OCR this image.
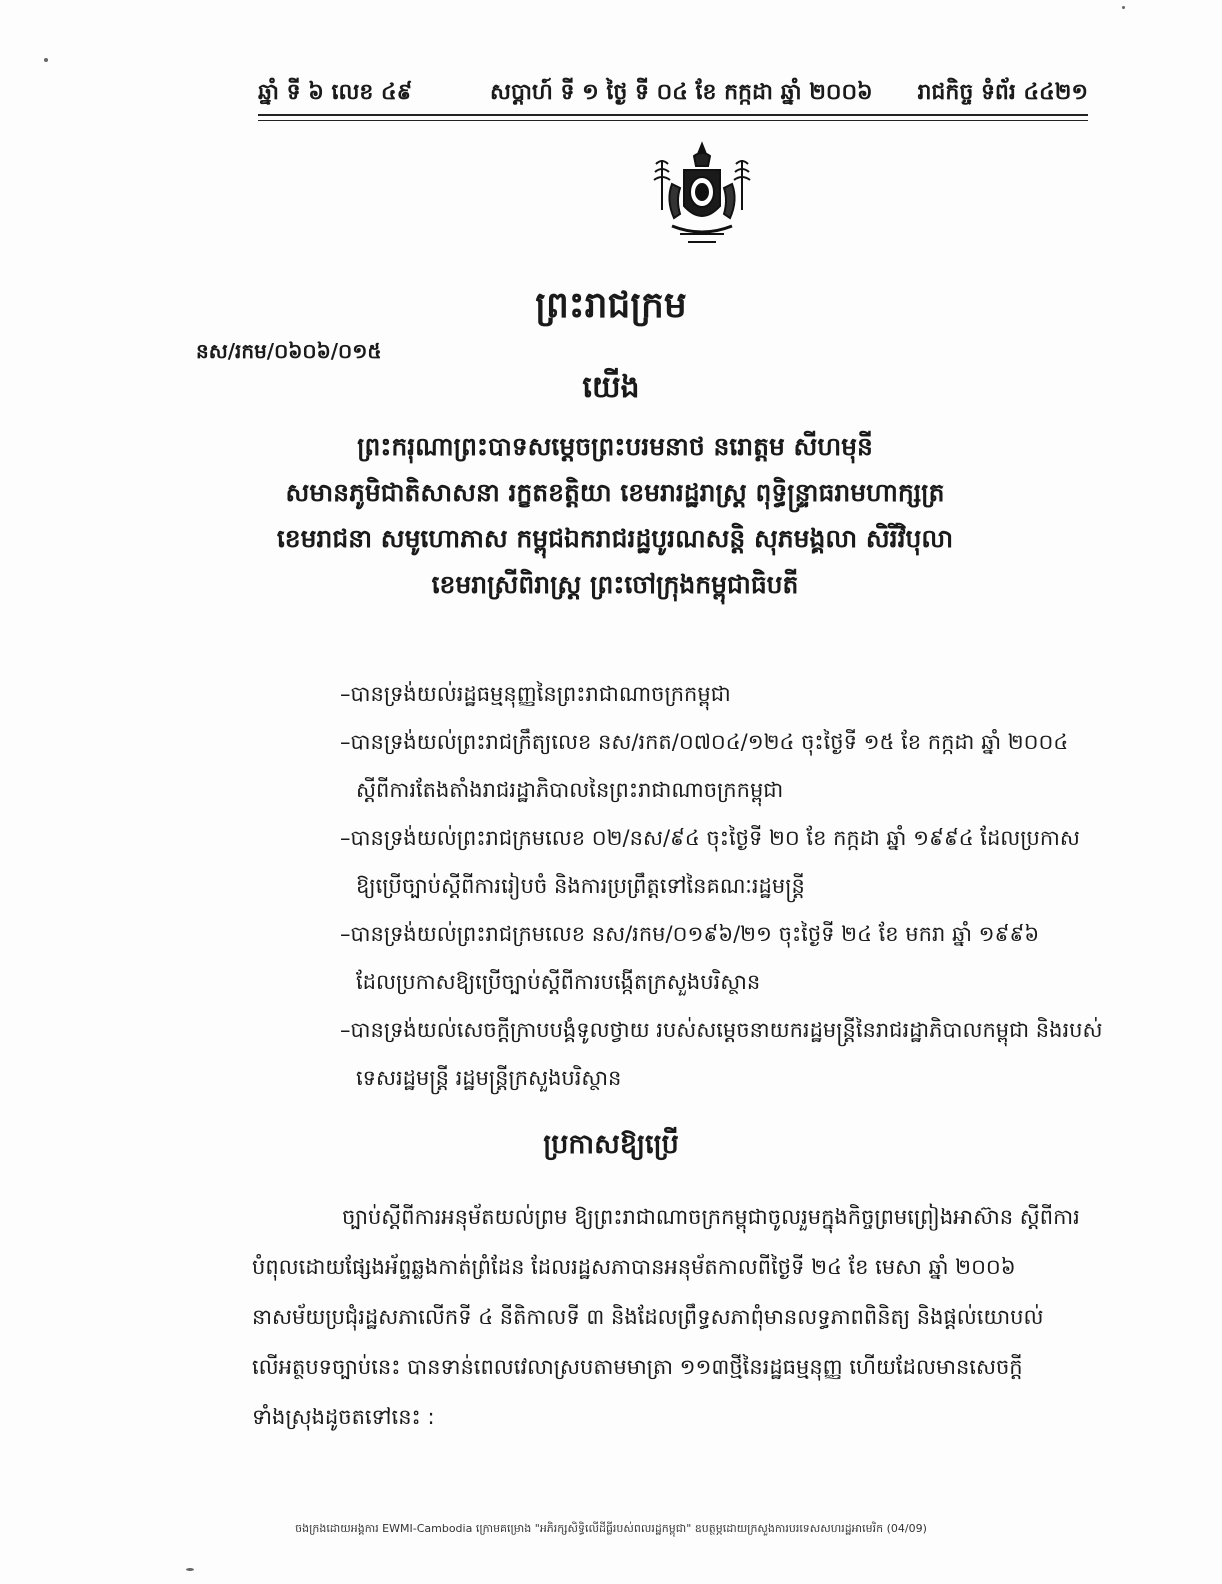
ឆ្នាំ ទី ៦ លេខ ៤៩	សប្តាហ៍ ទី ១ ថ្ងៃ ទី ០៤ ខែ កក្កដា ឆ្នាំ ២០០៦ រាជកិច្ច ទំព័រ ៤៤២១
ព្រះរាជក្រម
នស/រកម/០៦០៦/០១៥
យើង
ព្រះករុណាព្រះបាទសម្តេចព្រះបរមនាថ នរោត្តម សីហមុនី
សមានភូមិជាតិសាសនា រក្ខតខត្តិយា ខេមរារដ្ឋរាស្ត្រ ពុទ្ធិន្ទ្រាធរាមហាក្សត្រ
ខេមរាជនា សមូហោភាស កម្ពុជឯករាជរដ្ឋបូរណសន្តិ សុភមង្គលា សិរីវិបុលា
ខេមរាស្រីពិរាស្ត្រ ព្រះចៅក្រុងកម្ពុជាធិបតី
–បានទ្រង់យល់រដ្ឋធម្មនុញ្ញនៃព្រះរាជាណាចក្រកម្ពុជា
–បានទ្រង់យល់ព្រះរាជក្រឹត្យលេខ នស/រកត/០៧០៤/១២៤ ចុះថ្ងៃទី ១៥ ខែ កក្កដា ឆ្នាំ ២០០៤
ស្តីពីការតែងតាំងរាជរដ្ឋាភិបាលនៃព្រះរាជាណាចក្រកម្ពុជា
–បានទ្រង់យល់ព្រះរាជក្រមលេខ ០២/នស/៩៤ ចុះថ្ងៃទី ២០ ខែ កក្កដា ឆ្នាំ ១៩៩៤ ដែលប្រកាស
ឱ្យប្រើច្បាប់ស្តីពីការរៀបចំ និងការប្រព្រឹត្តទៅនៃគណៈរដ្ឋមន្ត្រី
–បានទ្រង់យល់ព្រះរាជក្រមលេខ នស/រកម/០១៩៦/២១ ចុះថ្ងៃទី ២៤ ខែ មករា ឆ្នាំ ១៩៩៦
ដែលប្រកាសឱ្យប្រើច្បាប់ស្តីពីការបង្កើតក្រសួងបរិស្ថាន
–បានទ្រង់យល់សេចក្តីក្រាបបង្គំទូលថ្វាយ របស់សម្តេចនាយករដ្ឋមន្ត្រីនៃរាជរដ្ឋាភិបាលកម្ពុជា និងរបស់
ទេសរដ្ឋមន្ត្រី រដ្ឋមន្ត្រីក្រសួងបរិស្ថាន
ប្រកាសឱ្យប្រើ
ច្បាប់ស្តីពីការអនុម័តយល់ព្រម ឱ្យព្រះរាជាណាចក្រកម្ពុជាចូលរួមក្នុងកិច្ចព្រមព្រៀងអាស៊ាន ស្តីពីការ
បំពុលដោយផ្សែងអ័ព្ទឆ្លងកាត់ព្រំដែន ដែលរដ្ឋសភាបានអនុម័តកាលពីថ្ងៃទី ២៤ ខែ មេសា ឆ្នាំ ២០០៦
នាសម័យប្រជុំរដ្ឋសភាលើកទី ៤ នីតិកាលទី ៣ និងដែលព្រឹទ្ធសភាពុំមានលទ្ធភាពពិនិត្យ និងផ្តល់យោបល់
លើអត្ថបទច្បាប់នេះ បានទាន់ពេលវេលាស្របតាមមាត្រា ១១៣ថ្មីនៃរដ្ឋធម្មនុញ្ញ ហើយដែលមានសេចក្តី
ទាំងស្រុងដូចតទៅនេះ :
ចងក្រងដោយអង្គការ EWMI-Cambodia ក្រោមគម្រោង "អភិរក្សសិទ្ធិលើដីធ្លីរបស់ពលរដ្ឋកម្ពុជា" ឧបត្ថម្ភដោយក្រសួងការបរទេសសហរដ្ឋអាមេរិក (04/09)
